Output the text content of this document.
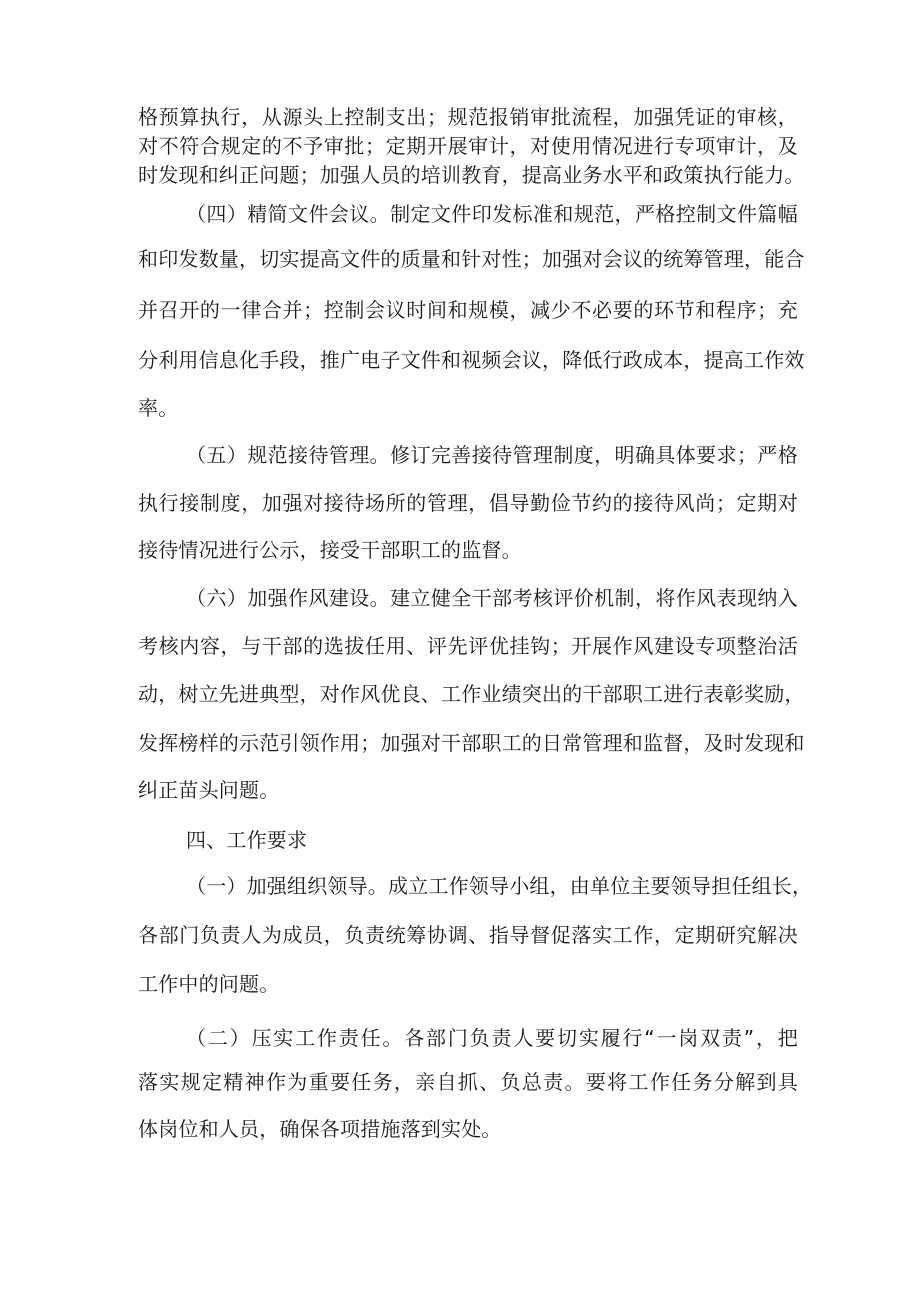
格预算执行，从源头上控制支出；规范报销审批流程，加强凭证的审核，
对不符合规定的不予审批；定期开展审计，对使用情况进行专项审计，及
时发现和纠正问题；加强人员的培训教育，提高业务水平和政策执行能力。
（四）精简文件会议。制定文件印发标准和规范，严格控制文件篇幅
和印发数量，切实提高文件的质量和针对性；加强对会议的统筹管理，能合
并召开的一律合并；控制会议时间和规模，减少不必要的环节和程序；充
分利用信息化手段，推广电子文件和视频会议，降低行政成本，提高工作效
率。
（五）规范接待管理。修订完善接待管理制度，明确具体要求；严格
执行接制度，加强对接待场所的管理，倡导勤俭节约的接待风尚；定期对
接待情况进行公示，接受干部职工的监督。
（六）加强作风建设。建立健全干部考核评价机制，将作风表现纳入
考核内容，与干部的选拔任用、评先评优挂钩；开展作风建设专项整治活
动，树立先进典型，对作风优良、工作业绩突出的干部职工进行表彰奖励，
发挥榜样的示范引领作用；加强对干部职工的日常管理和监督，及时发现和
纠正苗头问题。
四、工作要求
（一）加强组织领导。成立工作领导小组，由单位主要领导担任组长，
各部门负责人为成员，负责统筹协调、指导督促落实工作，定期研究解决
工作中的问题。
（二）压实工作责任。各部门负责人要切实履行“一岗双责”，把
落实规定精神作为重要任务，亲自抓、负总责。要将工作任务分解到具
体岗位和人员，确保各项措施落到实处。
